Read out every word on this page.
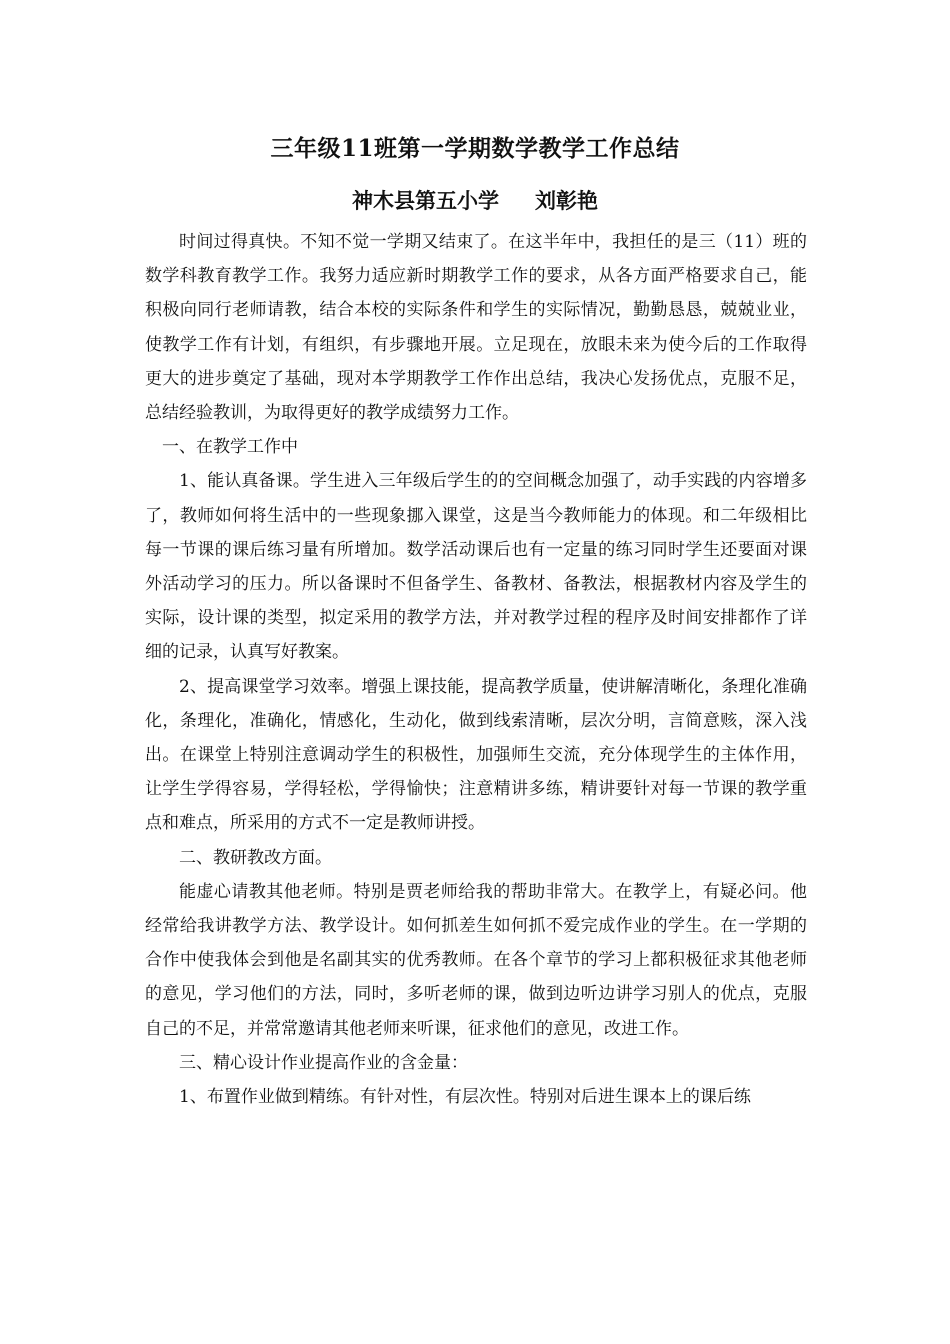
三年级11班第一学期数学教学工作总结
神木县第五小学 刘彰艳

时间过得真快。不知不觉一学期又结束了。在这半年中，我担任的是三（11）班的数学科教育教学工作。我努力适应新时期教学工作的要求，从各方面严格要求自己，能积极向同行老师请教，结合本校的实际条件和学生的实际情况，勤勤恳恳，兢兢业业，使教学工作有计划，有组织，有步骤地开展。立足现在，放眼未来为使今后的工作取得更大的进步奠定了基础，现对本学期教学工作作出总结，我决心发扬优点，克服不足，总结经验教训，为取得更好的教学成绩努力工作。

一、在教学工作中

1、能认真备课。学生进入三年级后学生的的空间概念加强了，动手实践的内容增多了，教师如何将生活中的一些现象挪入课堂，这是当今教师能力的体现。和二年级相比每一节课的课后练习量有所增加。数学活动课后也有一定量的练习同时学生还要面对课外活动学习的压力。所以备课时不但备学生、备教材、备教法，根据教材内容及学生的实际，设计课的类型，拟定采用的教学方法，并对教学过程的程序及时间安排都作了详细的记录，认真写好教案。

2、提高课堂学习效率。增强上课技能，提高教学质量，使讲解清晰化，条理化准确化，条理化，准确化，情感化，生动化，做到线索清晰，层次分明，言简意赅，深入浅出。在课堂上特别注意调动学生的积极性，加强师生交流，充分体现学生的主体作用，让学生学得容易，学得轻松，学得愉快；注意精讲多练，精讲要针对每一节课的教学重点和难点，所采用的方式不一定是教师讲授。

二、教研教改方面。

能虚心请教其他老师。特别是贾老师给我的帮助非常大。在教学上，有疑必问。他经常给我讲教学方法、教学设计。如何抓差生如何抓不爱完成作业的学生。在一学期的合作中使我体会到他是名副其实的优秀教师。在各个章节的学习上都积极征求其他老师的意见，学习他们的方法，同时，多听老师的课，做到边听边讲学习别人的优点，克服自己的不足，并常常邀请其他老师来听课，征求他们的意见，改进工作。

三、精心设计作业提高作业的含金量：

1、布置作业做到精练。有针对性，有层次性。特别对后进生课本上的课后练
